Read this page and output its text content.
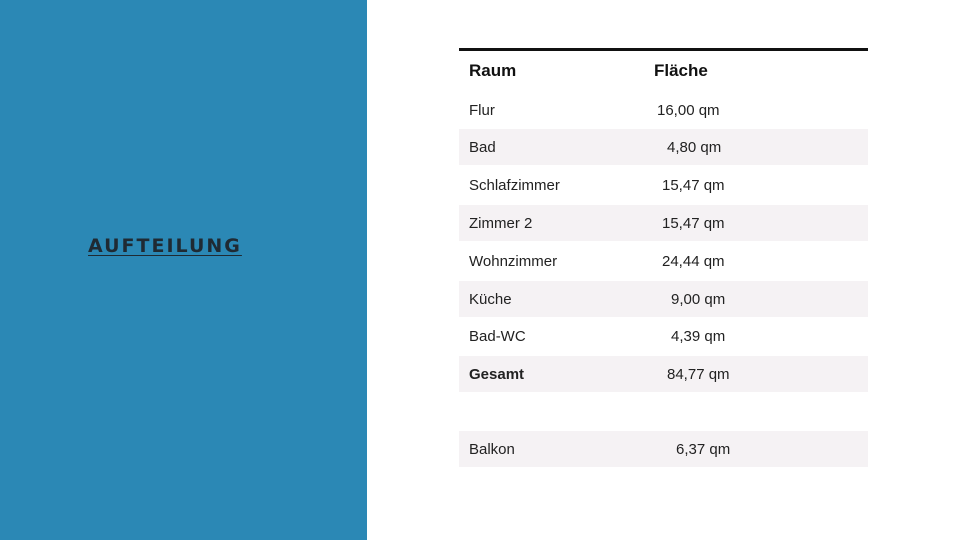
AUFTEILUNG
Raum	Fläche
Flur	16,00 qm
Bad	4,80 qm
Schlafzimmer	15,47 qm
Zimmer 2	15,47 qm
Wohnzimmer	24,44 qm
Küche	9,00 qm
Bad-WC	4,39 qm
Gesamt	84,77 qm
Balkon	6,37 qm
